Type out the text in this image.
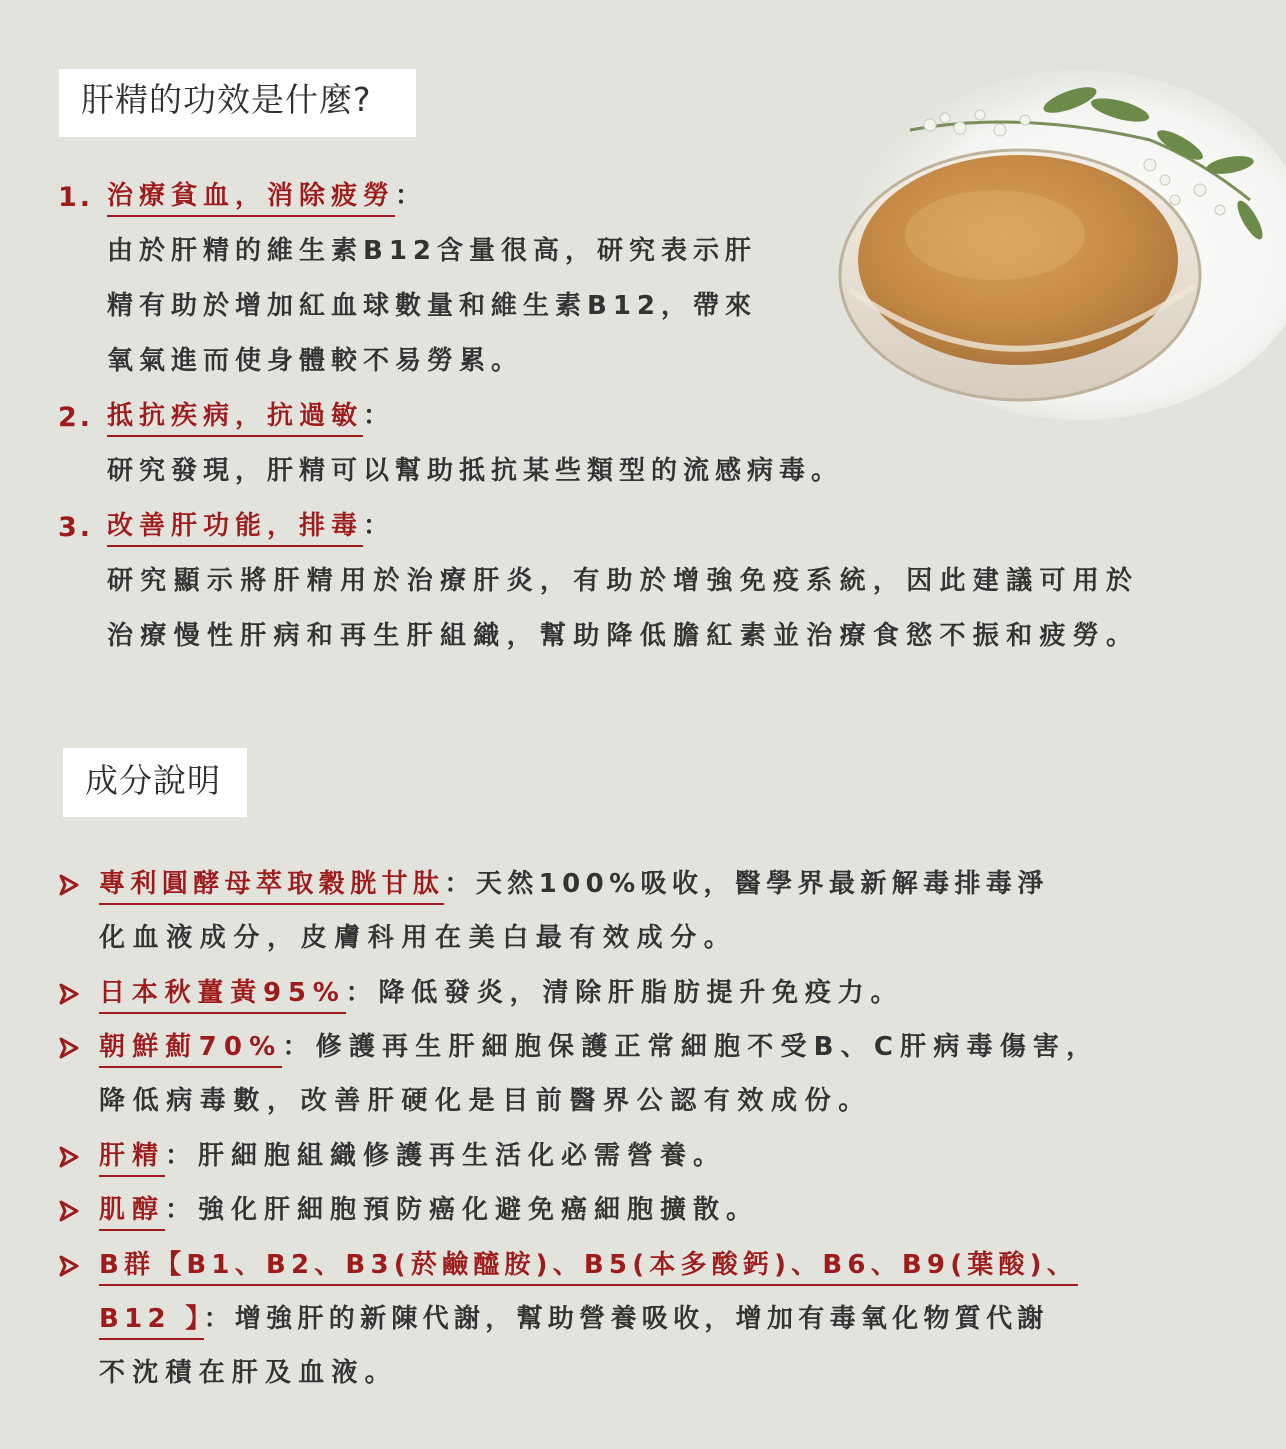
肝精的功效是什麼?
1. 治療貧血，消除疲勞：
由於肝精的維生素B12含量很高，研究表示肝
精有助於增加紅血球數量和維生素B12，帶來
氧氣進而使身體較不易勞累。
2. 抵抗疾病，抗過敏：
研究發現，肝精可以幫助抵抗某些類型的流感病毒。
3. 改善肝功能，排毒：
研究顯示將肝精用於治療肝炎，有助於增強免疫系統，因此建議可用於
治療慢性肝病和再生肝組織，幫助降低膽紅素並治療食慾不振和疲勞。
成分說明
專利圓酵母萃取穀胱甘肽：天然100%吸收，醫學界最新解毒排毒淨
化血液成分，皮膚科用在美白最有效成分。
日本秋薑黃95%：降低發炎，清除肝脂肪提升免疫力。
朝鮮薊70%：修護再生肝細胞保護正常細胞不受B、C肝病毒傷害，
降低病毒數，改善肝硬化是目前醫界公認有效成份。
肝精：肝細胞組織修護再生活化必需營養。
肌醇：強化肝細胞預防癌化避免癌細胞擴散。
B群【B1、B2、B3(菸鹼醯胺)、B5(本多酸鈣)、B6、B9(葉酸)、
B12 】：增強肝的新陳代謝，幫助營養吸收，增加有毒氧化物質代謝
不沈積在肝及血液。
